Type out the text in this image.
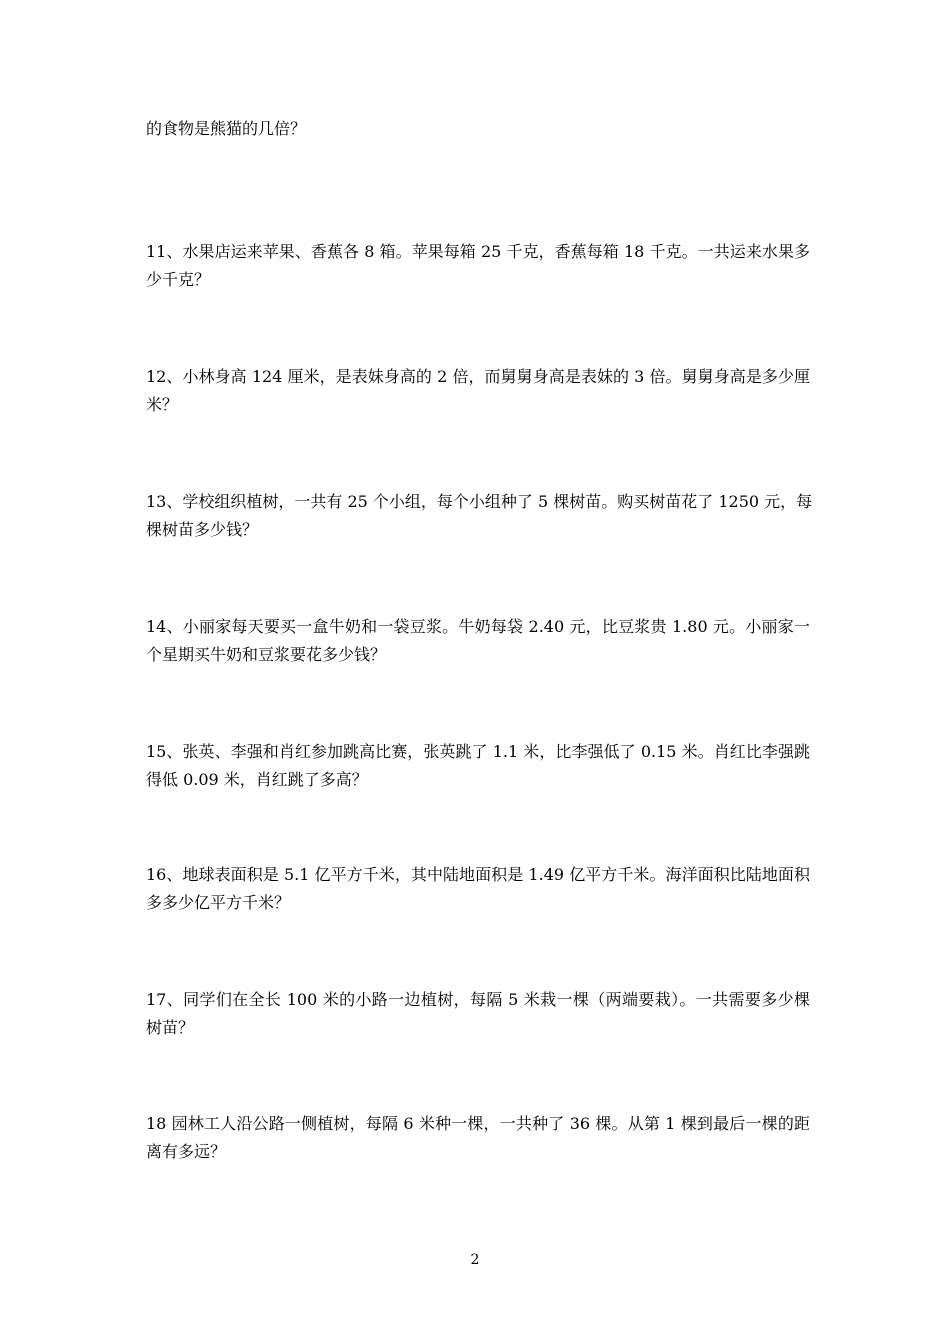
的食物是熊猫的几倍？
11、水果店运来苹果、香蕉各 8 箱。苹果每箱 25 千克，香蕉每箱 18 千克。一共运来水果多
少千克？
12、小林身高 124 厘米，是表妹身高的 2 倍，而舅舅身高是表妹的 3 倍。舅舅身高是多少厘
米？
13、学校组织植树，一共有 25 个小组，每个小组种了 5 棵树苗。购买树苗花了 1250 元，每
棵树苗多少钱？
14、小丽家每天要买一盒牛奶和一袋豆浆。牛奶每袋 2.40 元，比豆浆贵 1.80 元。小丽家一
个星期买牛奶和豆浆要花多少钱？
15、张英、李强和肖红参加跳高比赛，张英跳了 1.1 米，比李强低了 0.15 米。肖红比李强跳
得低 0.09 米，肖红跳了多高？
16、地球表面积是 5.1 亿平方千米，其中陆地面积是 1.49 亿平方千米。海洋面积比陆地面积
多多少亿平方千米？
17、同学们在全长 100 米的小路一边植树，每隔 5 米栽一棵（两端要栽）。一共需要多少棵
树苗？
18 园林工人沿公路一侧植树，每隔 6 米种一棵，一共种了 36 棵。从第 1 棵到最后一棵的距
离有多远？
2
